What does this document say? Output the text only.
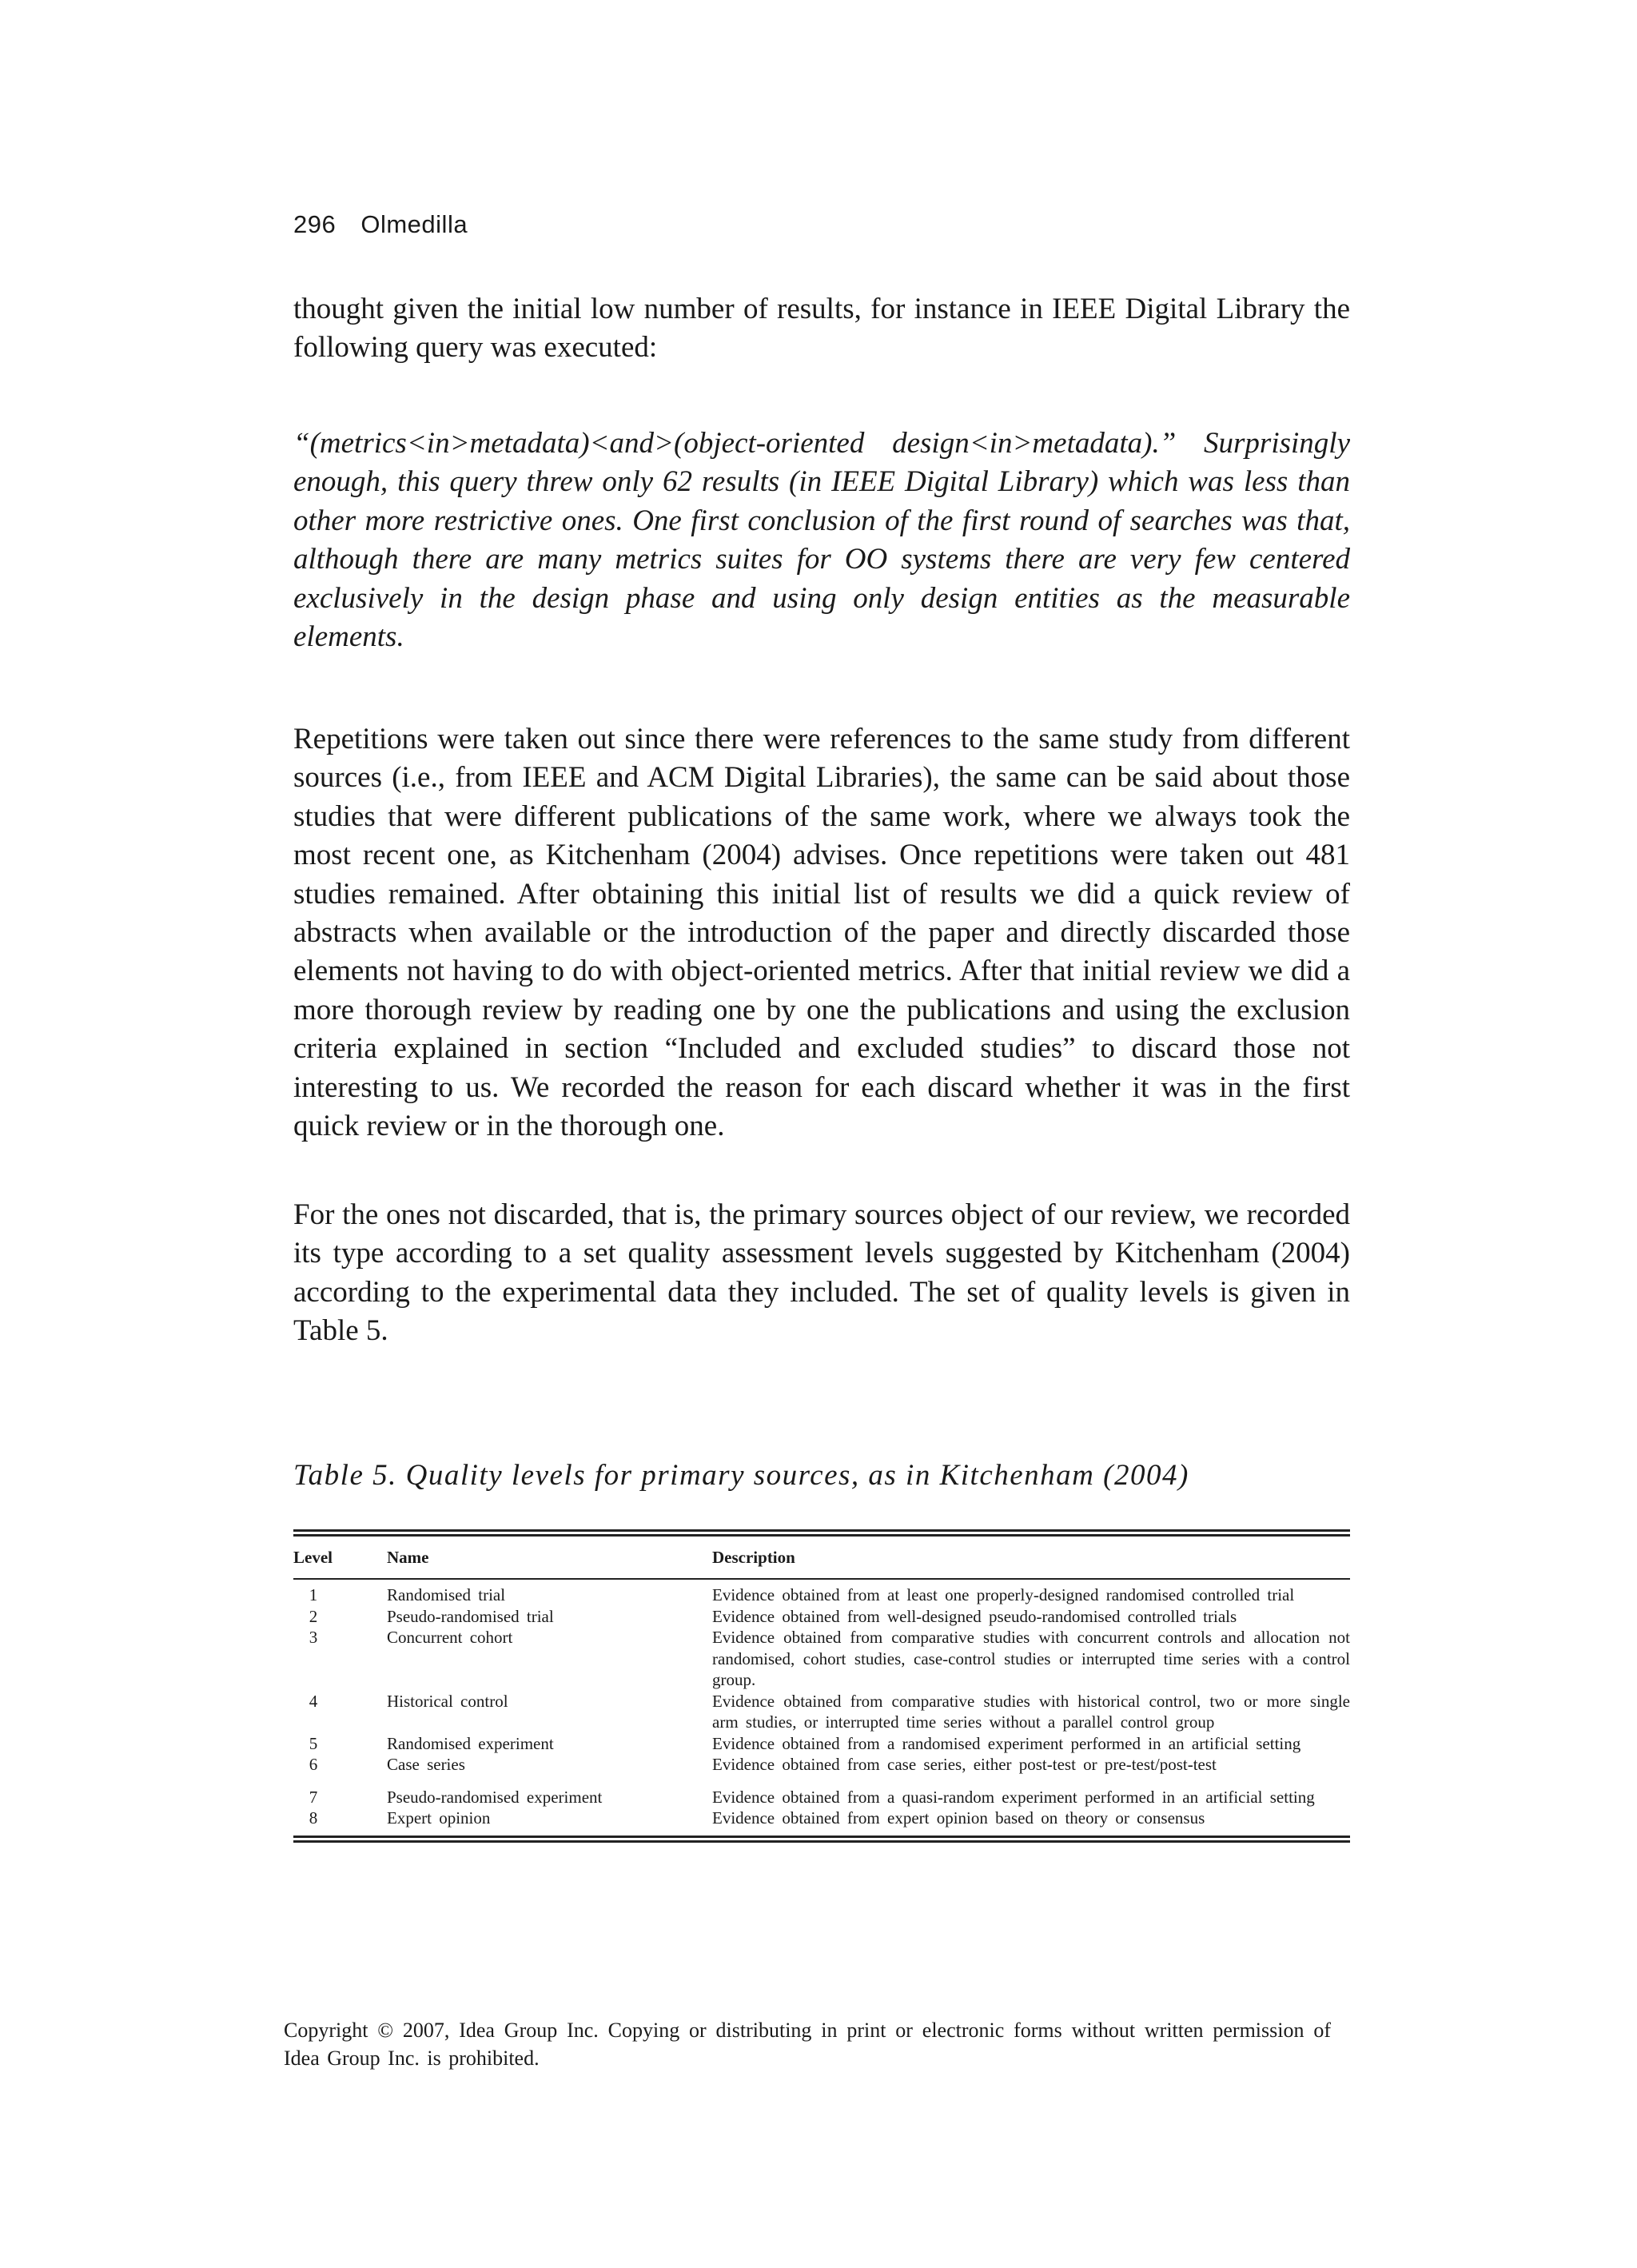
296 Olmedilla

thought given the initial low number of results, for instance in IEEE Digital Library the following query was executed:

“(metrics<in>metadata)<and>(object-oriented design<in>metadata).” Surprisingly enough, this query threw only 62 results (in IEEE Digital Library) which was less than other more restrictive ones. One first conclusion of the first round of searches was that, although there are many metrics suites for OO systems there are very few centered exclusively in the design phase and using only design entities as the measurable elements.

Repetitions were taken out since there were references to the same study from different sources (i.e., from IEEE and ACM Digital Libraries), the same can be said about those studies that were different publications of the same work, where we always took the most recent one, as Kitchenham (2004) advises. Once repetitions were taken out 481 studies remained. After obtaining this initial list of results we did a quick review of abstracts when available or the introduction of the paper and directly discarded those elements not having to do with object-oriented metrics. After that initial review we did a more thorough review by reading one by one the publications and using the exclusion criteria explained in section “Included and excluded studies” to discard those not interesting to us. We recorded the reason for each discard whether it was in the first quick review or in the thorough one.

For the ones not discarded, that is, the primary sources object of our review, we recorded its type according to a set quality assessment levels suggested by Kitchenham (2004) according to the experimental data they included. The set of quality levels is given in Table 5.

Table 5. Quality levels for primary sources, as in Kitchenham (2004)
Level	Name	Description
1	Randomised trial	Evidence obtained from at least one properly-designed randomised controlled trial
2	Pseudo-randomised trial	Evidence obtained from well-designed pseudo-randomised controlled trials
3	Concurrent cohort	Evidence obtained from comparative studies with concurrent controls and allocation not randomised, cohort studies, case-control studies or interrupted time series with a control group.
4	Historical control	Evidence obtained from comparative studies with historical control, two or more single arm studies, or interrupted time series without a parallel control group
5	Randomised experiment	Evidence obtained from a randomised experiment performed in an artificial setting
6	Case series	Evidence obtained from case series, either post-test or pre-test/post-test
7	Pseudo-randomised experiment	Evidence obtained from a quasi-random experiment performed in an artificial setting
8	Expert opinion	Evidence obtained from expert opinion based on theory or consensus
Copyright © 2007, Idea Group Inc. Copying or distributing in print or electronic forms without written permission of Idea Group Inc. is prohibited.
